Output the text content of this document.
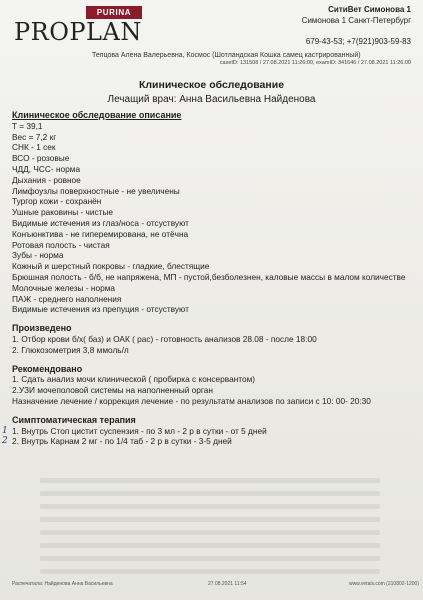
PURINA
PROPLAN
СитиВет Симонова 1
Симонова 1 Санкт-Петербург
679-43-53; +7(921)903-59-83
Тепцова Алена Валерьевна, Космос (Шотландская Кошка самец кастрированный)
caseID: 131508 / 27.08.2021 11:26:00, examID: 341646 / 27.08.2021 11:26:00
Клиническое обследование
Лечащий врач: Анна Васильевна Найденова
Клиническое обследование описание
T = 39,1
Вес = 7,2 кг
СНК - 1 сек
ВСО - розовые
ЧДД, ЧСС- норма
Дыхания - ровное
Лимфоузлы поверхностные - не увеличены
Тургор кожи - сохранён
Ушные раковины - чистые
Видимые истечения из глаз/носа - отсуствуют
Конъюнктива - не гиперемирована, не отёчна
Ротовая полость - чистая
Зубы - норма
Кожный и шерстный покровы - гладкие, блестящие
Брюшная полость - б/б, не напряжена, МП - пустой,безболезнен, каловые массы в малом количестве
Молочные железы - норма
ПАЖ - среднего наполнения
Видимые истечения из препуция - отсуствуют
Произведено
1. Отбор крови б/х( баз) и ОАК ( рас) - готовность анализов 28.08 - после 18:00
2. Глюкозометрия 3,8 ммоль/л
Рекомендовано
1. Сдать анализ мочи клинической ( пробирка с консервантом)
2.УЗИ мочеполовой системы на наполненный орган
Назначение лечение / коррекция лечение - по результатм анализов по записи с 10: 00- 20:30
Симптоматическая терапия
1 1. Внутрь Стоп цистит суспензия - по 3 мл - 2 р в сутки - от 5 дней
2 2. Внутрь Карнам 2 мг - по 1/4 таб - 2 р в сутки - 3-5 дней
Распечатала: Найденова Анна Васильевна	27.08.2021 11:54	www.vetais.com (210802-1200)
